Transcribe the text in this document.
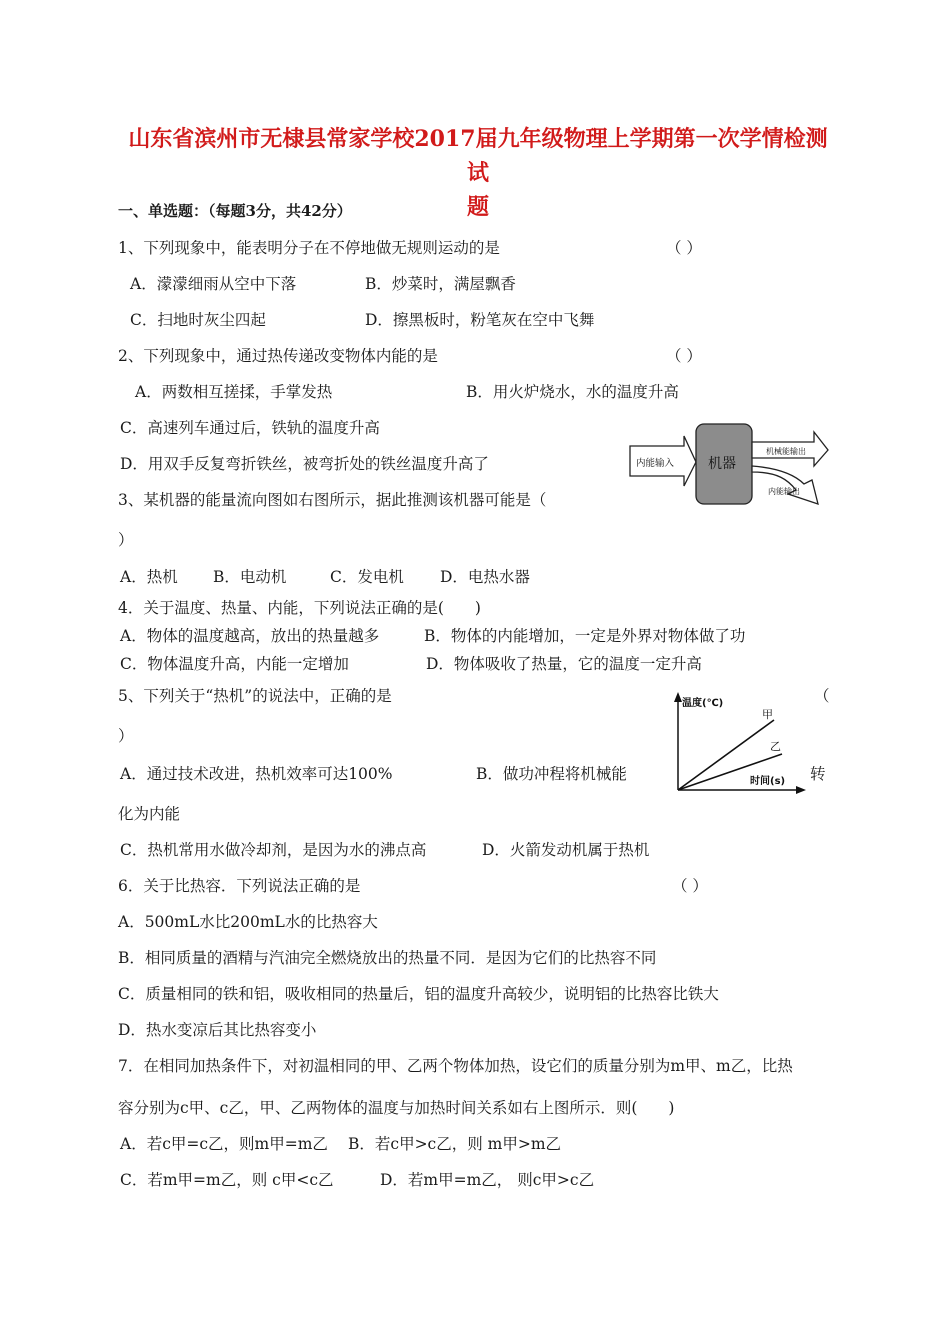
山东省滨州市无棣县常家学校2017届九年级物理上学期第一次学情检测试
题
一、单选题：（每题3分，共42分）
1、下列现象中，能表明分子在不停地做无规则运动的是	（ ）
A．濛濛细雨从空中下落	B．炒菜时，满屋飘香
C．扫地时灰尘四起	D．擦黑板时，粉笔灰在空中飞舞
2、下列现象中，通过热传递改变物体内能的是	（ ）
A．两数相互搓揉，手掌发热	B．用火炉烧水，水的温度升高
C．高速列车通过后，铁轨的温度升高
D．用双手反复弯折铁丝，被弯折处的铁丝温度升高了	内能输入 机器
机械能输出
内能输出
3、某机器的能量流向图如右图所示，据此推测该机器可能是（
）
A．热机 B．电动机	C．发电机 D．电热水器
4．关于温度、热量、内能，下列说法正确的是(　　)
A．物体的温度越高，放出的热量越多	B．物体的内能增加，一定是外界对物体做了功
C．物体温度升高，内能一定增加	D．物体吸收了热量，它的温度一定升高
温度(℃)
甲
乙
时间(s)
5、下列关于“热机”的说法中，正确的是	（
）
A．通过技术改进，热机效率可达100%	B．做功冲程将机械能	转
化为内能
C．热机常用水做冷却剂，是因为水的沸点高	D．火箭发动机属于热机
6．关于比热容．下列说法正确的是	（ ）
A．500mL水比200mL水的比热容大
B．相同质量的酒精与汽油完全燃烧放出的热量不同．是因为它们的比热容不同
C．质量相同的铁和铝，吸收相同的热量后，铝的温度升高较少，说明铝的比热容比铁大
D．热水变凉后其比热容变小
7．在相同加热条件下，对初温相同的甲、乙两个物体加热，设它们的质量分别为m甲、m乙，比热
容分别为c甲、c乙，甲、乙两物体的温度与加热时间关系如右上图所示．则(　　)
A．若c甲=c乙，则m甲=m乙 B．若c甲>c乙，则 m甲>m乙
C．若m甲=m乙，则 c甲<c乙	D．若m甲=m乙， 则c甲>c乙
